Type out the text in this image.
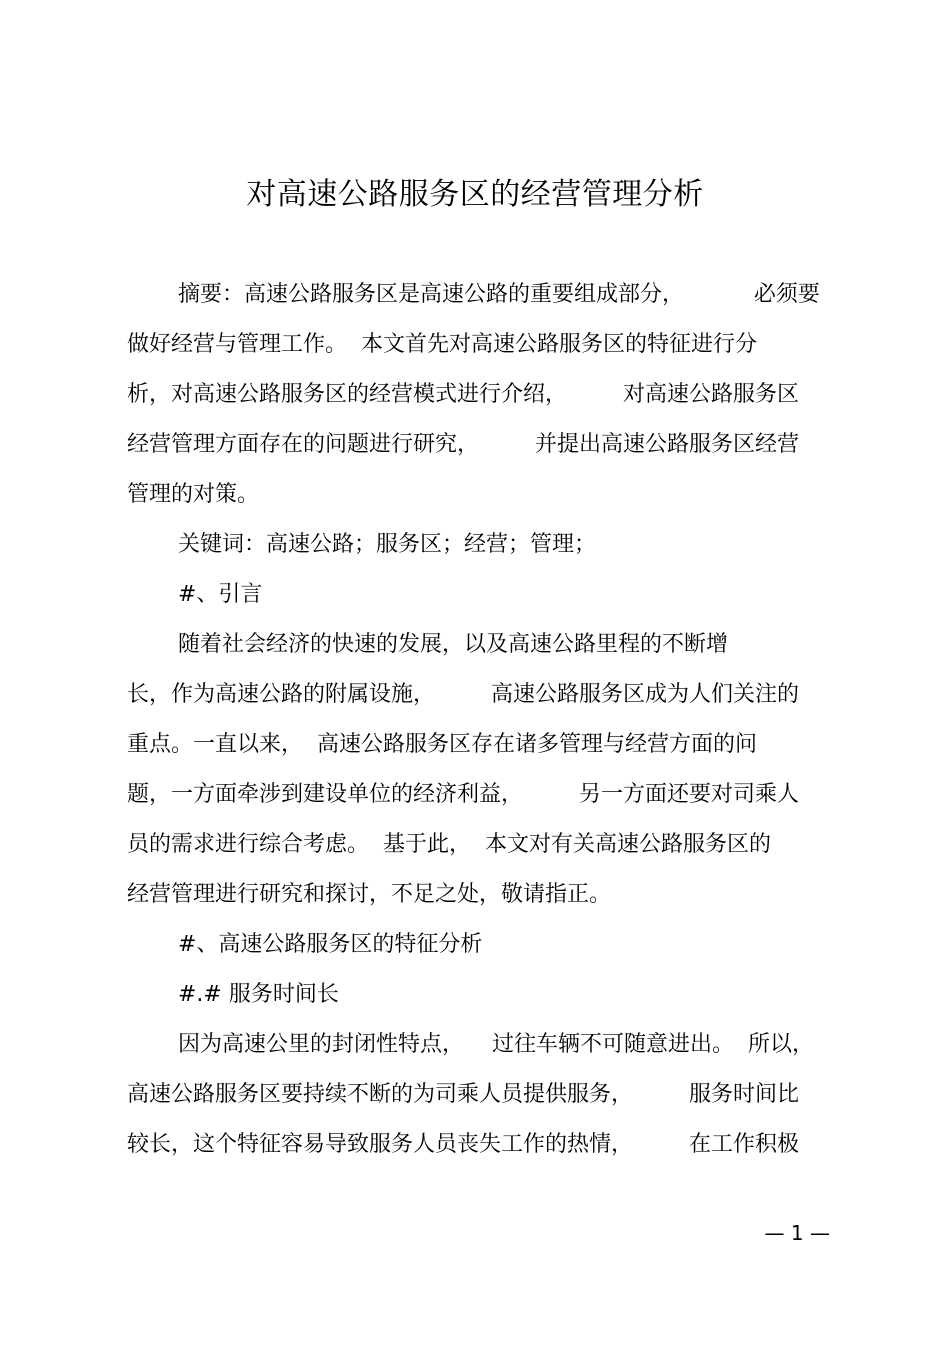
对高速公路服务区的经营管理分析
摘要：高速公路服务区是高速公路的重要组成部分，          必须要
做好经营与管理工作。  本文首先对高速公路服务区的特征进行分
析，对高速公路服务区的经营模式进行介绍，        对高速公路服务区
经营管理方面存在的问题进行研究，        并提出高速公路服务区经营
管理的对策。
关键词：高速公路；服务区；经营；管理；
#、引言
随着社会经济的快速的发展，以及高速公路里程的不断增
长，作为高速公路的附属设施，        高速公路服务区成为人们关注的
重点。一直以来，  高速公路服务区存在诸多管理与经营方面的问
题，一方面牵涉到建设单位的经济利益，        另一方面还要对司乘人
员的需求进行综合考虑。  基于此，  本文对有关高速公路服务区的
经营管理进行研究和探讨，不足之处，敬请指正。
#、高速公路服务区的特征分析
#.# 服务时间长
因为高速公里的封闭性特点，    过往车辆不可随意进出。  所以，
高速公路服务区要持续不断的为司乘人员提供服务，        服务时间比
较长，这个特征容易导致服务人员丧失工作的热情，        在工作积极
— 1 —
